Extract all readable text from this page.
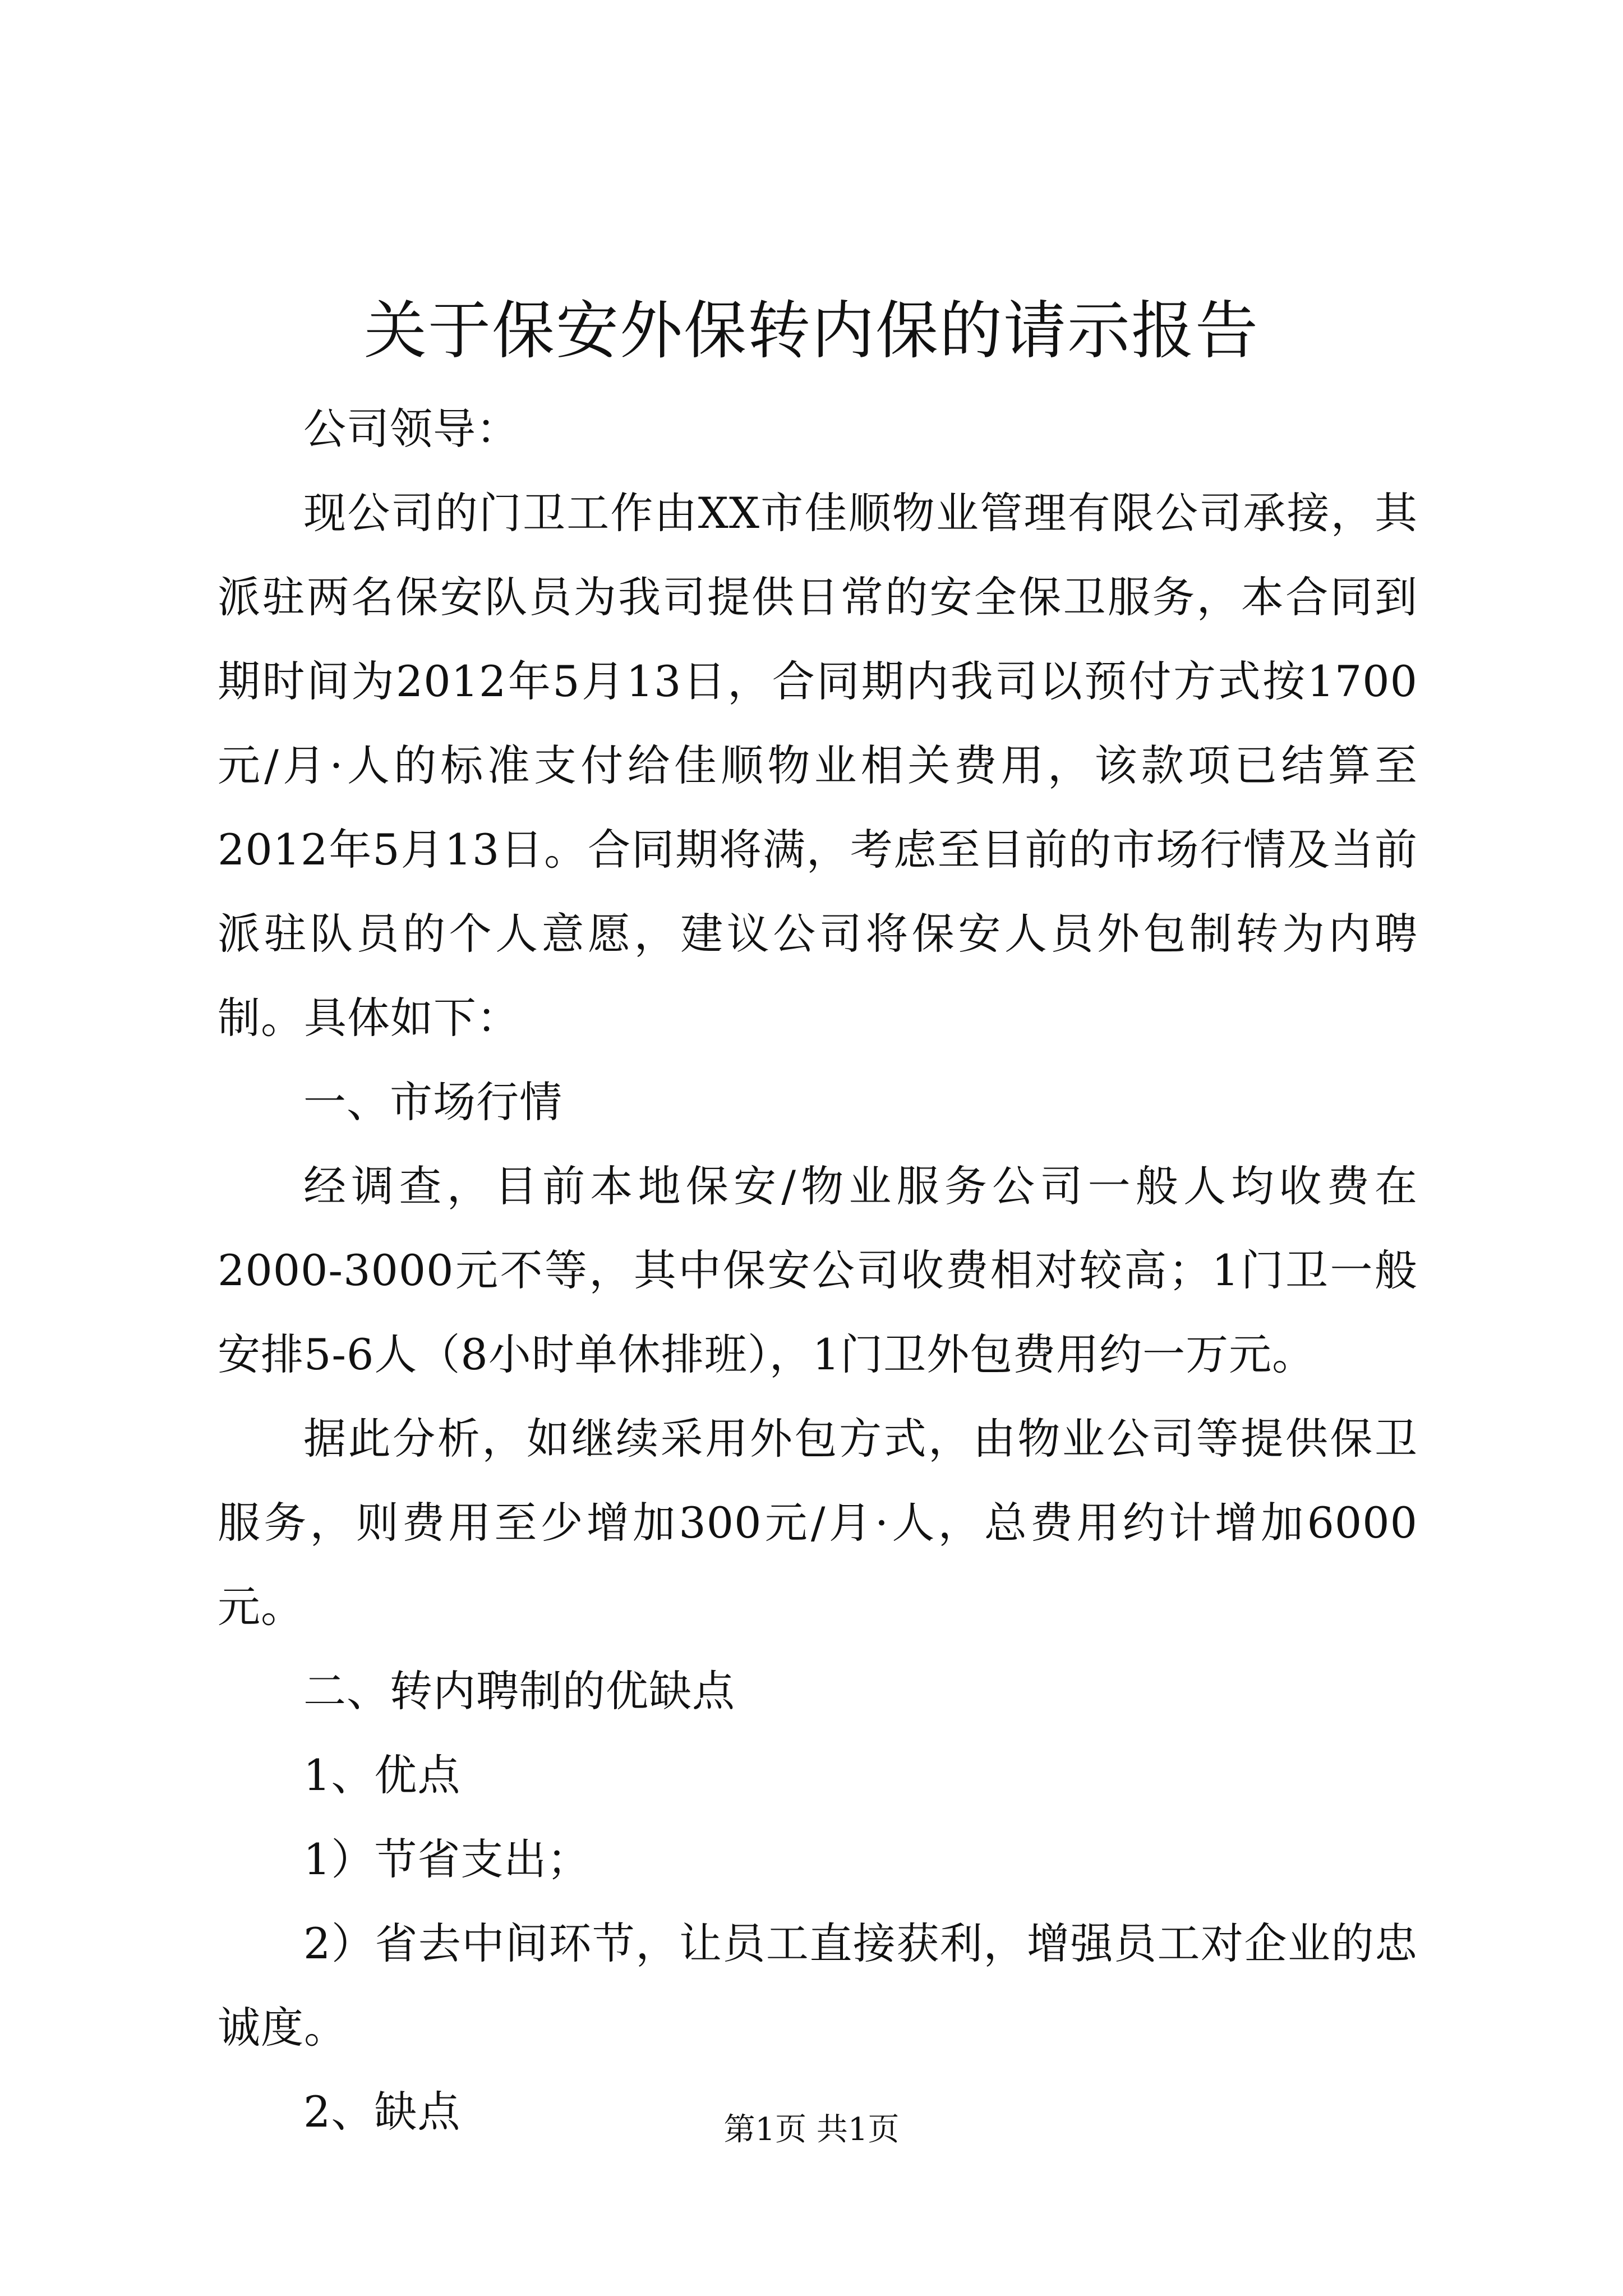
关于保安外保转内保的请示报告

公司领导：

现公司的门卫工作由XX市佳顺物业管理有限公司承接，其派驻两名保安队员为我司提供日常的安全保卫服务，本合同到期时间为2012年5月13日，合同期内我司以预付方式按1700元/月·人的标准支付给佳顺物业相关费用，该款项已结算至2012年5月13日。合同期将满，考虑至目前的市场行情及当前派驻队员的个人意愿，建议公司将保安人员外包制转为内聘制。具体如下：

一、市场行情

经调查，目前本地保安/物业服务公司一般人均收费在2000-3000元不等，其中保安公司收费相对较高；1门卫一般安排5-6人（8小时单休排班），1门卫外包费用约一万元。

据此分析，如继续采用外包方式，由物业公司等提供保卫服务，则费用至少增加300元/月·人，总费用约计增加6000元。

二、转内聘制的优缺点

1、优点

1）节省支出；

2）省去中间环节，让员工直接获利，增强员工对企业的忠诚度。

2、缺点	第1页 共1页
